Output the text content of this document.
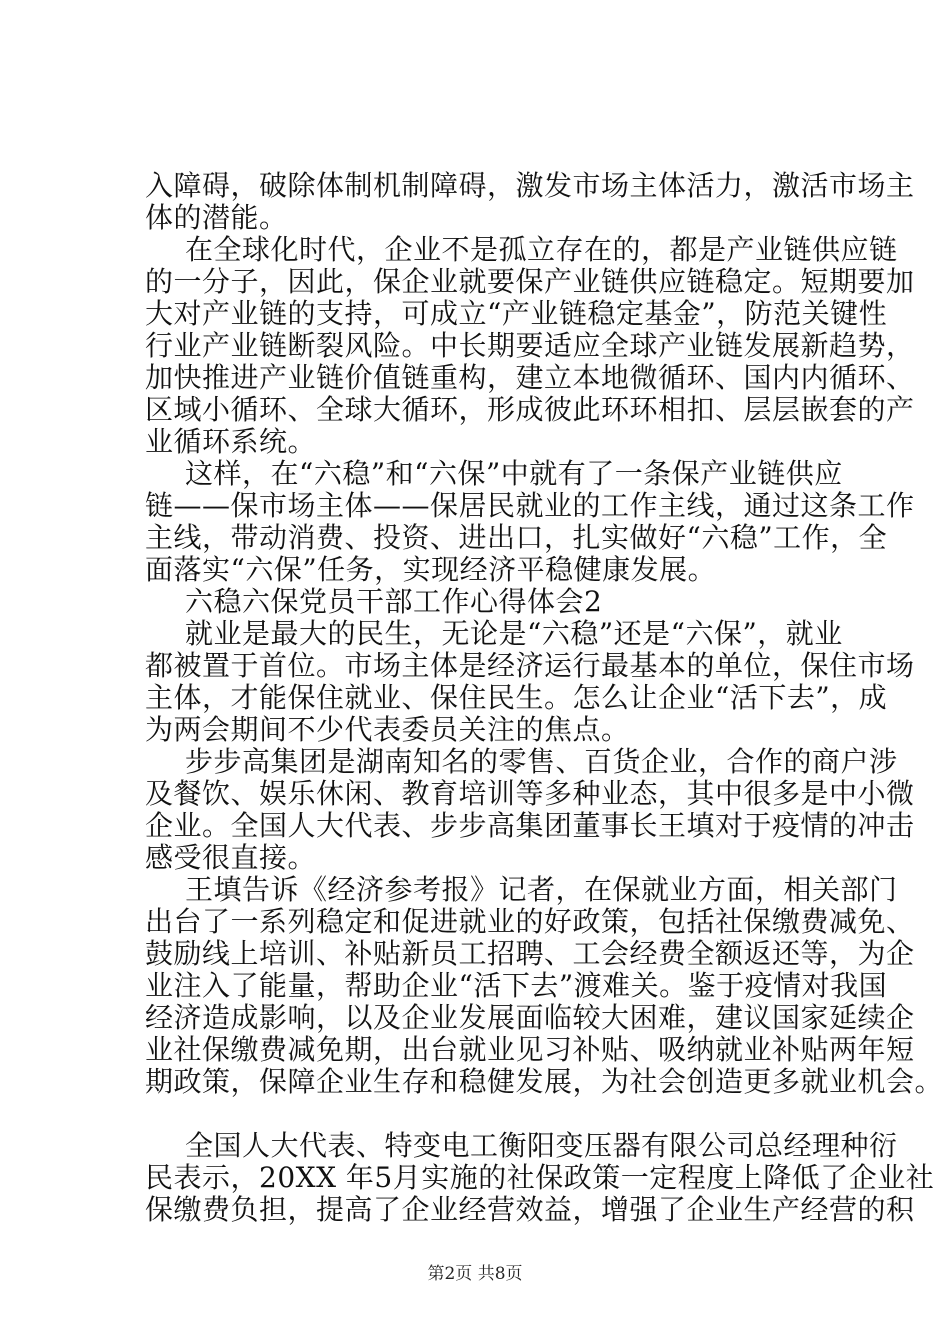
入障碍，破除体制机制障碍，激发市场主体活力，激活市场主
体的潜能。
在全球化时代，企业不是孤立存在的，都是产业链供应链
的一分子，因此，保企业就要保产业链供应链稳定。短期要加
大对产业链的支持，可成立“产业链稳定基金”，防范关键性
行业产业链断裂风险。中长期要适应全球产业链发展新趋势，
加快推进产业链价值链重构，建立本地微循环、国内内循环、
区域小循环、全球大循环，形成彼此环环相扣、层层嵌套的产
业循环系统。
这样，在“六稳”和“六保”中就有了一条保产业链供应
链——保市场主体——保居民就业的工作主线，通过这条工作
主线，带动消费、投资、进出口，扎实做好“六稳”工作，全
面落实“六保”任务，实现经济平稳健康发展。
六稳六保党员干部工作心得体会2
就业是最大的民生，无论是“六稳”还是“六保”，就业
都被置于首位。市场主体是经济运行最基本的单位，保住市场
主体，才能保住就业、保住民生。怎么让企业“活下去”，成
为两会期间不少代表委员关注的焦点。
步步高集团是湖南知名的零售、百货企业，合作的商户涉
及餐饮、娱乐休闲、教育培训等多种业态，其中很多是中小微
企业。全国人大代表、步步高集团董事长王填对于疫情的冲击
感受很直接。
王填告诉《经济参考报》记者，在保就业方面，相关部门
出台了一系列稳定和促进就业的好政策，包括社保缴费减免、
鼓励线上培训、补贴新员工招聘、工会经费全额返还等，为企
业注入了能量，帮助企业“活下去”渡难关。鉴于疫情对我国
经济造成影响，以及企业发展面临较大困难，建议国家延续企
业社保缴费减免期，出台就业见习补贴、吸纳就业补贴两年短
期政策，保障企业生存和稳健发展，为社会创造更多就业机会。
全国人大代表、特变电工衡阳变压器有限公司总经理种衍
民表示，20XX 年5月实施的社保政策一定程度上降低了企业社
保缴费负担，提高了企业经营效益，增强了企业生产经营的积
第2页 共8页
